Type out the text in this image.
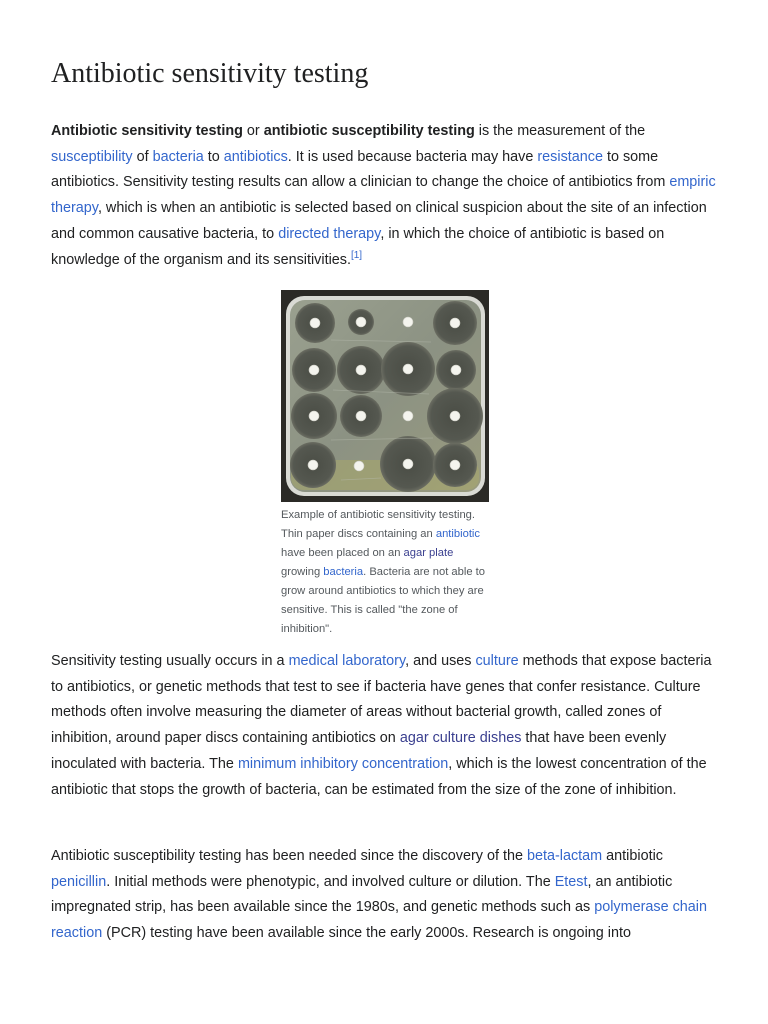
Antibiotic sensitivity testing

Antibiotic sensitivity testing or antibiotic susceptibility testing is the measurement of the susceptibility of bacteria to antibiotics. It is used because bacteria may have resistance to some antibiotics. Sensitivity testing results can allow a clinician to change the choice of antibiotics from empiric therapy, which is when an antibiotic is selected based on clinical suspicion about the site of an infection and common causative bacteria, to directed therapy, in which the choice of antibiotic is based on knowledge of the organism and its sensitivities.[1]

Example of antibiotic sensitivity testing. Thin paper discs containing an antibiotic have been placed on an agar plate growing bacteria. Bacteria are not able to grow around antibiotics to which they are sensitive. This is called "the zone of inhibition".

Sensitivity testing usually occurs in a medical laboratory, and uses culture methods that expose bacteria to antibiotics, or genetic methods that test to see if bacteria have genes that confer resistance. Culture methods often involve measuring the diameter of areas without bacterial growth, called zones of inhibition, around paper discs containing antibiotics on agar culture dishes that have been evenly inoculated with bacteria. The minimum inhibitory concentration, which is the lowest concentration of the antibiotic that stops the growth of bacteria, can be estimated from the size of the zone of inhibition.

Antibiotic susceptibility testing has been needed since the discovery of the beta-lactam antibiotic penicillin. Initial methods were phenotypic, and involved culture or dilution. The Etest, an antibiotic impregnated strip, has been available since the 1980s, and genetic methods such as polymerase chain reaction (PCR) testing have been available since the early 2000s. Research is ongoing into
